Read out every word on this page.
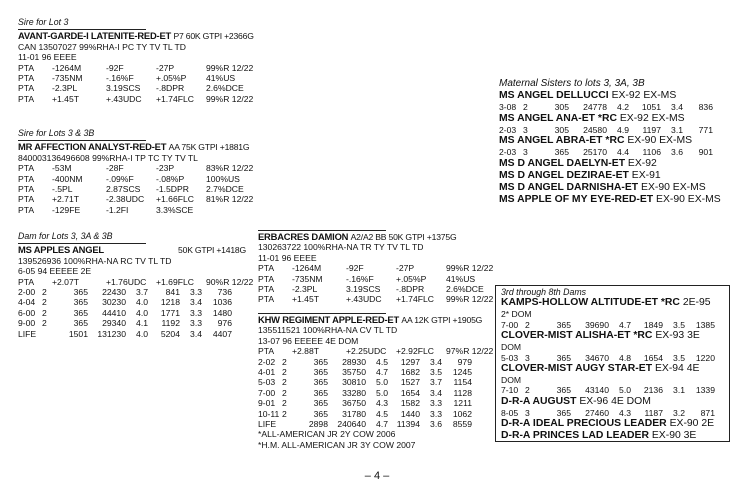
Sire for Lot 3
AVANT-GARDE-I LATENITE-RED-ET P7 60K GTPI +2366G
CAN 13507027 99%RHA-I PC TY TV TL TD
11-01 96 EEEE
PTA	-1264M	-92F	-27P	99%R 12/22
PTA	-735NM	-.16%F	+.05%P	41%US
PTA	-2.3PL	3.19SCS	-.8DPR	2.6%DCE
PTA	+1.45T	+.43UDC	+1.74FLC	99%R 12/22
Sire for Lots 3 & 3B
MR AFFECTION ANALYST-RED-ET AA 75K GTPI +1881G
840003136496608 99%RHA-I TP TC TY TV TL
PTA	-53M	-28F	-23P	83%R 12/22
PTA	-400NM	-.09%F	-.08%P	100%US
PTA	-.5PL	2.87SCS	-1.5DPR	2.7%DCE
PTA	+2.71T	-2.38UDC	+1.66FLC	81%R 12/22
PTA	-129FE	-1.2FI	3.3%SCE
Dam for Lots 3, 3A & 3B
MS APPLES ANGEL	50K GTPI +1418G
139526936 100%RHA-NA RC TV TL TD
6-05 94 EEEEE 2E
PTA	+2.07T	+1.76UDC	+1.69FLC	90%R 12/22
2-00 2	365	22430	3.7	841	3.3	736
4-04 2	365	30230	4.0	1218	3.4	1036
6-00 2	365	44410	4.0	1771	3.3	1480
9-00 2	365	29340	4.1	1192	3.3	976
LIFE	1501	131230	4.0	5204	3.4	4407
ERBACRES DAMION A2/A2 BB 50K GTPI +1375G
130263722 100%RHA-NA TR TY TV TL TD
11-01 96 EEEE
PTA	-1264M	-92F	-27P	99%R 12/22
PTA	-735NM	-.16%F	+.05%P	41%US
PTA	-2.3PL	3.19SCS	-.8DPR	2.6%DCE
PTA	+1.45T	+.43UDC	+1.74FLC	99%R 12/22
KHW REGIMENT APPLE-RED-ET AA 12K GTPI +1905G
135511521 100%RHA-NA CV TL TD
13-07 96 EEEEE 4E DOM
PTA	+2.88T	+2.25UDC	+2.92FLC	97%R 12/22
2-02 2	365	28930	4.5	1297	3.4	979
4-01 2	365	35750	4.7	1682	3.5	1245
5-03 2	365	30810	5.0	1527	3.7	1154
7-00 2	365	33280	5.0	1654	3.4	1128
9-01 2	365	36750	4.3	1582	3.3	1211
10-11 2	365	31780	4.5	1440	3.3	1062
LIFE	2898	240640	4.7	11394	3.6	8559
*ALL-AMERICAN JR 2Y COW 2006
*H.M. ALL-AMERICAN JR 3Y COW 2007
Maternal Sisters to lots 3, 3A, 3B
MS ANGEL DELLUCCI EX-92 EX-MS
3-08 2	305	24778	4.2	1051	3.4	836
MS ANGEL ANA-ET *RC EX-92 EX-MS
2-03 3	305	24580	4.9	1197	3.1	771
MS ANGEL ABRA-ET *RC EX-90 EX-MS
2-03 3	365	25170	4.4	1106	3.6	901
MS D ANGEL DAELYN-ET EX-92
MS D ANGEL DEZIRAE-ET EX-91
MS D ANGEL DARNISHA-ET EX-90 EX-MS
MS APPLE OF MY EYE-RED-ET EX-90 EX-MS
3rd through 8th Dams
KAMPS-HOLLOW ALTITUDE-ET *RC 2E-95
2* DOM
7-00 2	365	39690	4.7	1849	3.5	1385
CLOVER-MIST ALISHA-ET *RC EX-93 3E
DOM
5-03 3	365	34670	4.8	1654	3.5	1220
CLOVER-MIST AUGY STAR-ET EX-94 4E
DOM
7-10 2	365	43140	5.0	2136	3.1	1339
D-R-A AUGUST EX-96 4E DOM
8-05 3	365	27460	4.3	1187	3.2	871
D-R-A IDEAL PRECIOUS LEADER EX-90 2E
D-R-A PRINCES LAD LEADER EX-90 3E
– 4 –
